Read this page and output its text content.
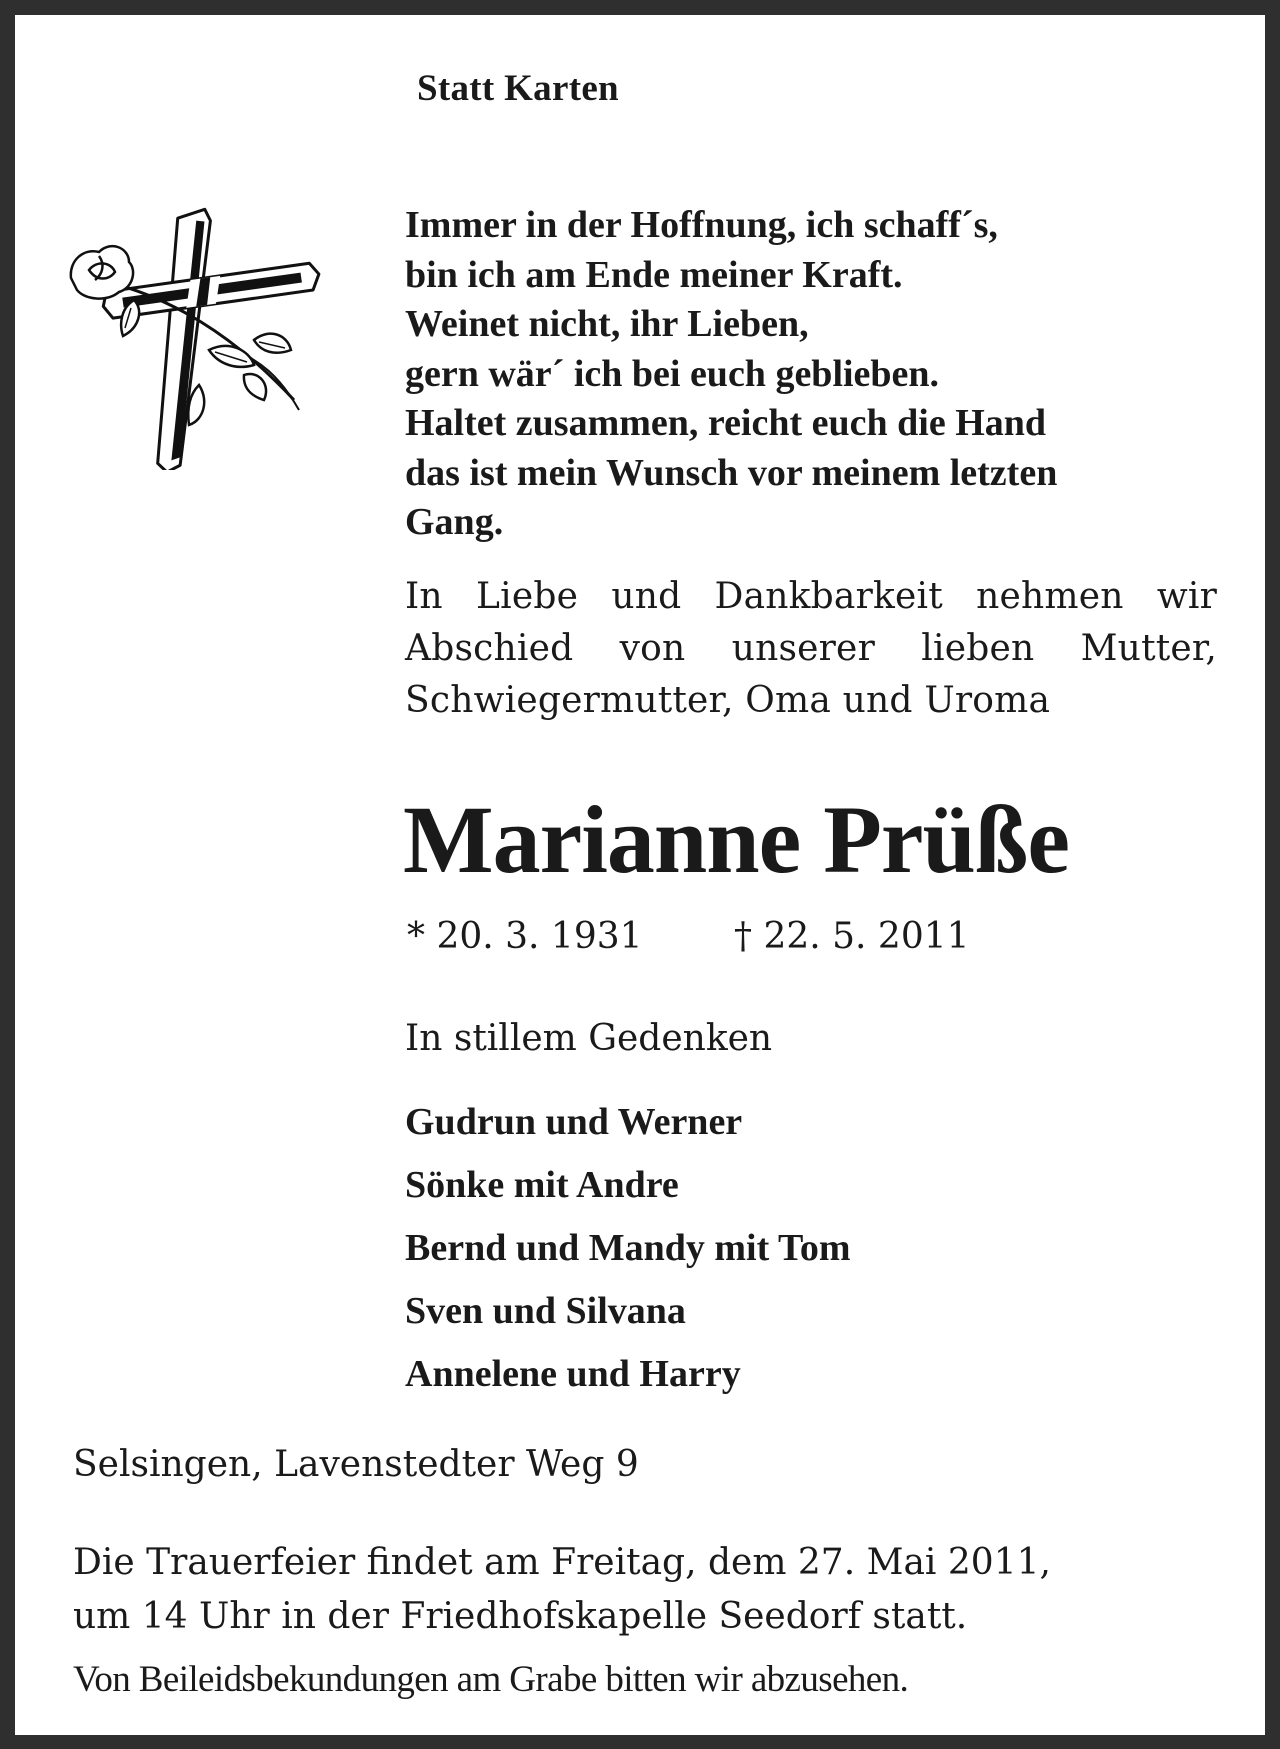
Statt Karten
Immer in der Hoffnung, ich schaff´s,
bin ich am Ende meiner Kraft.
Weinet nicht, ihr Lieben,
gern wär´ ich bei euch geblieben.
Haltet zusammen, reicht euch die Hand
das ist mein Wunsch vor meinem letzten
Gang.
In Liebe und Dankbarkeit nehmen wir Abschied von unserer lieben Mutter, Schwiegermutter, Oma und Uroma
Marianne Prüße
* 20. 3. 1931	† 22. 5. 2011
In stillem Gedenken
Gudrun und Werner
Sönke mit Andre
Bernd und Mandy mit Tom
Sven und Silvana
Annelene und Harry
Selsingen, Lavenstedter Weg 9
Die Trauerfeier findet am Freitag, dem 27. Mai 2011,
um 14 Uhr in der Friedhofskapelle Seedorf statt.
Von Beileidsbekundungen am Grabe bitten wir abzusehen.
